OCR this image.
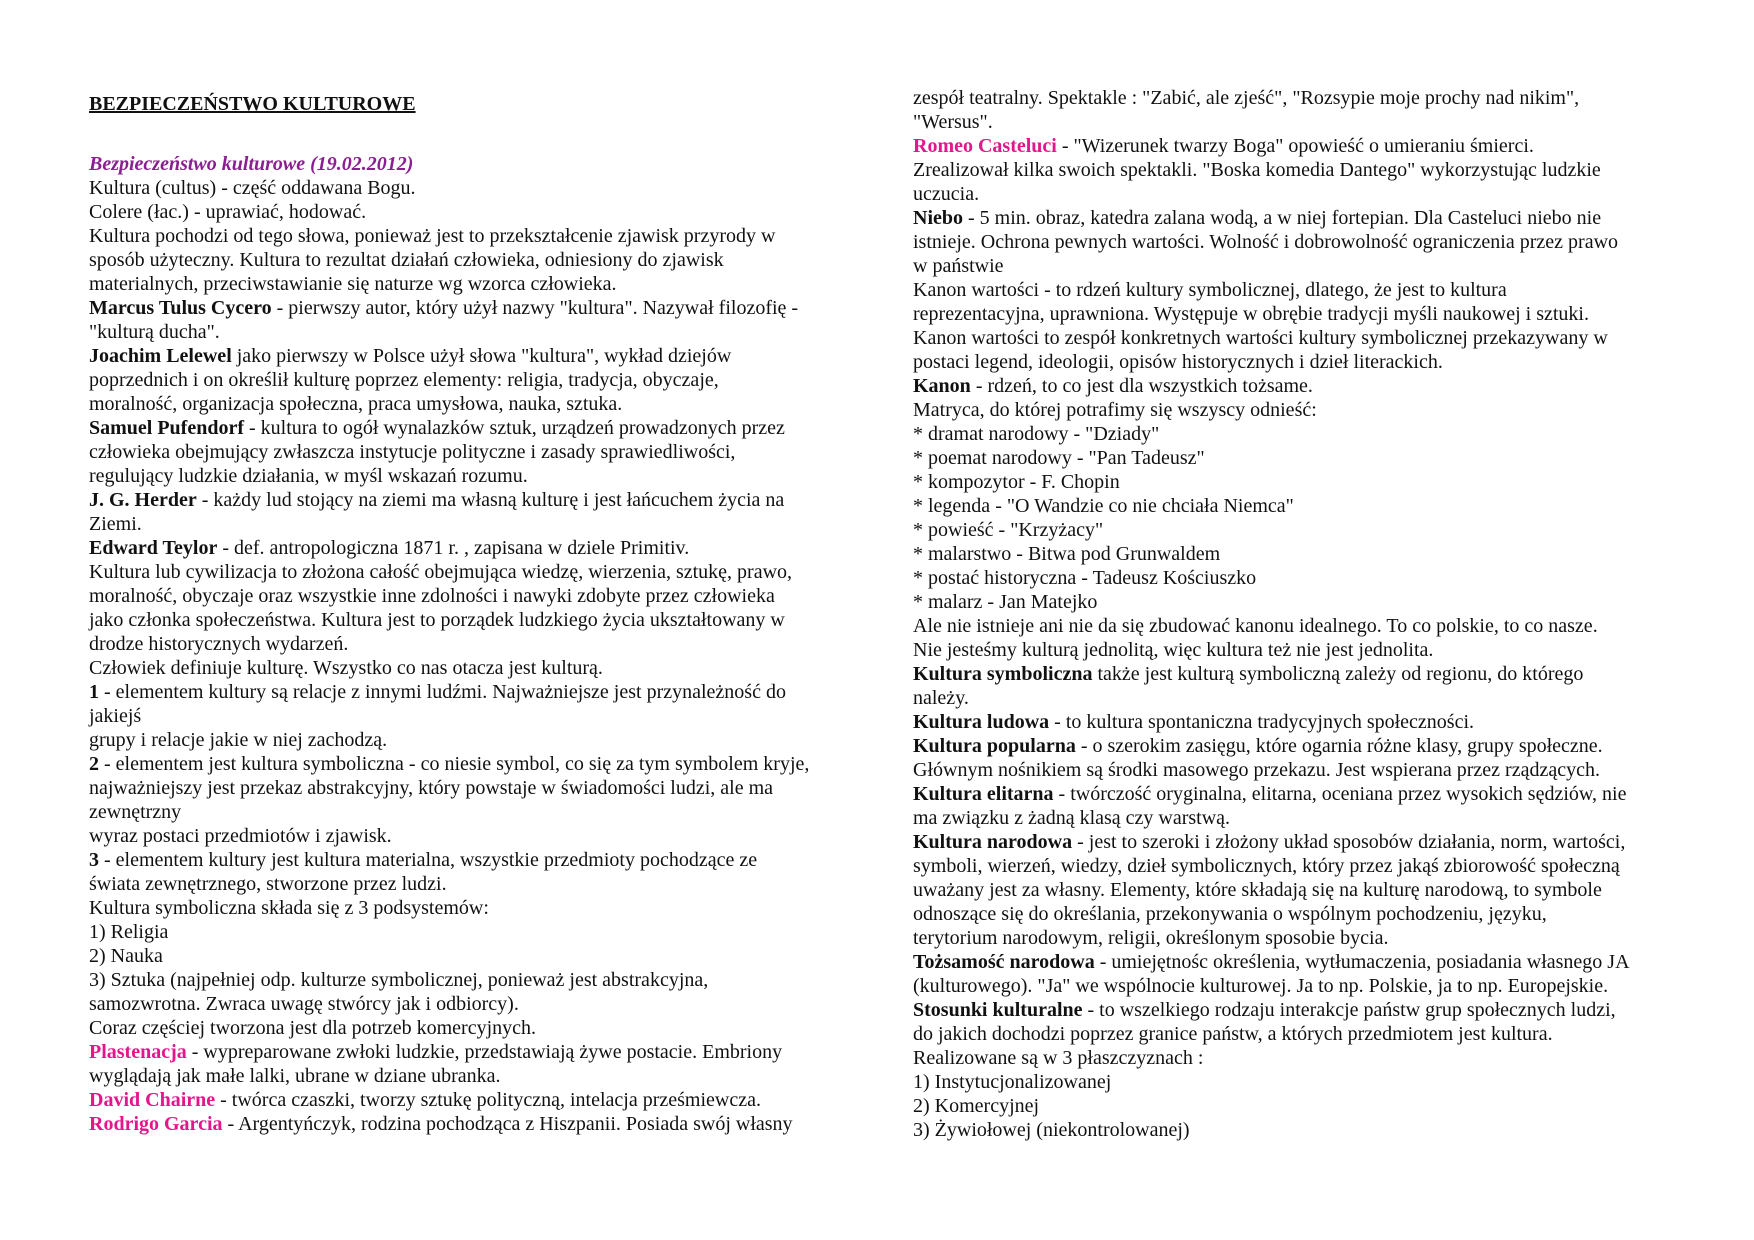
BEZPIECZEŃSTWO KULTUROWE
Bezpieczeństwo kulturowe (19.02.2012)
Kultura (cultus) - część oddawana Bogu.
Colere (łac.) - uprawiać, hodować.
Kultura pochodzi od tego słowa, ponieważ jest to przekształcenie zjawisk przyrody w
sposób użyteczny. Kultura to rezultat działań człowieka, odniesiony do zjawisk
materialnych, przeciwstawianie się naturze wg wzorca człowieka.
Marcus Tulus Cycero - pierwszy autor, który użył nazwy "kultura". Nazywał filozofię -
"kulturą ducha".
Joachim Lelewel jako pierwszy w Polsce użył słowa "kultura", wykład dziejów
poprzednich i on określił kulturę poprzez elementy: religia, tradycja, obyczaje,
moralność, organizacja społeczna, praca umysłowa, nauka, sztuka.
Samuel Pufendorf - kultura to ogół wynalazków sztuk, urządzeń prowadzonych przez
człowieka obejmujący zwłaszcza instytucje polityczne i zasady sprawiedliwości,
regulujący ludzkie działania, w myśl wskazań rozumu.
J. G. Herder - każdy lud stojący na ziemi ma własną kulturę i jest łańcuchem życia na
Ziemi.
Edward Teylor - def. antropologiczna 1871 r. , zapisana w dziele Primitiv.
Kultura lub cywilizacja to złożona całość obejmująca wiedzę, wierzenia, sztukę, prawo,
moralność, obyczaje oraz wszystkie inne zdolności i nawyki zdobyte przez człowieka
jako członka społeczeństwa. Kultura jest to porządek ludzkiego życia ukształtowany w
drodze historycznych wydarzeń.
Człowiek definiuje kulturę. Wszystko co nas otacza jest kulturą.
1 - elementem kultury są relacje z innymi ludźmi. Najważniejsze jest przynależność do
jakiejś
grupy i relacje jakie w niej zachodzą.
2 - elementem jest kultura symboliczna - co niesie symbol, co się za tym symbolem kryje,
najważniejszy jest przekaz abstrakcyjny, który powstaje w świadomości ludzi, ale ma
zewnętrzny
wyraz postaci przedmiotów i zjawisk.
3 - elementem kultury jest kultura materialna, wszystkie przedmioty pochodzące ze
świata zewnętrznego, stworzone przez ludzi.
Kultura symboliczna składa się z 3 podsystemów:
1) Religia
2) Nauka
3) Sztuka (najpełniej odp. kulturze symbolicznej, ponieważ jest abstrakcyjna,
samozwrotna. Zwraca uwagę stwórcy jak i odbiorcy).
Coraz częściej tworzona jest dla potrzeb komercyjnych.
Plastenacja - wypreparowane zwłoki ludzkie, przedstawiają żywe postacie. Embriony
wyglądają jak małe lalki, ubrane w dziane ubranka.
David Chairne - twórca czaszki, tworzy sztukę polityczną, intelacja prześmiewcza.
Rodrigo Garcia - Argentyńczyk, rodzina pochodząca z Hiszpanii. Posiada swój własny
zespół teatralny. Spektakle : "Zabić, ale zjeść", "Rozsypie moje prochy nad nikim",
"Wersus".
Romeo Casteluci - "Wizerunek twarzy Boga" opowieść o umieraniu śmierci.
Zrealizował kilka swoich spektakli. "Boska komedia Dantego" wykorzystując ludzkie
uczucia.
Niebo - 5 min. obraz, katedra zalana wodą, a w niej fortepian. Dla Casteluci niebo nie
istnieje. Ochrona pewnych wartości. Wolność i dobrowolność ograniczenia przez prawo
w państwie
Kanon wartości - to rdzeń kultury symbolicznej, dlatego, że jest to kultura
reprezentacyjna, uprawniona. Występuje w obrębie tradycji myśli naukowej i sztuki.
Kanon wartości to zespół konkretnych wartości kultury symbolicznej przekazywany w
postaci legend, ideologii, opisów historycznych i dzieł literackich.
Kanon - rdzeń, to co jest dla wszystkich tożsame.
Matryca, do której potrafimy się wszyscy odnieść:
* dramat narodowy - "Dziady"
* poemat narodowy - "Pan Tadeusz"
* kompozytor - F. Chopin
* legenda - "O Wandzie co nie chciała Niemca"
* powieść - "Krzyżacy"
* malarstwo - Bitwa pod Grunwaldem
* postać historyczna - Tadeusz Kościuszko
* malarz - Jan Matejko
Ale nie istnieje ani nie da się zbudować kanonu idealnego. To co polskie, to co nasze.
Nie jesteśmy kulturą jednolitą, więc kultura też nie jest jednolita.
Kultura symboliczna także jest kulturą symboliczną zależy od regionu, do którego
należy.
Kultura ludowa - to kultura spontaniczna tradycyjnych społeczności.
Kultura popularna - o szerokim zasięgu, które ogarnia różne klasy, grupy społeczne.
Głównym nośnikiem są środki masowego przekazu. Jest wspierana przez rządzących.
Kultura elitarna - twórczość oryginalna, elitarna, oceniana przez wysokich sędziów, nie
ma związku z żadną klasą czy warstwą.
Kultura narodowa - jest to szeroki i złożony układ sposobów działania, norm, wartości,
symboli, wierzeń, wiedzy, dzieł symbolicznych, który przez jakąś zbiorowość społeczną
uważany jest za własny. Elementy, które składają się na kulturę narodową, to symbole
odnoszące się do określania, przekonywania o wspólnym pochodzeniu, języku,
terytorium narodowym, religii, określonym sposobie bycia.
Tożsamość narodowa - umiejętnośc określenia, wytłumaczenia, posiadania własnego JA
(kulturowego). "Ja" we wspólnocie kulturowej. Ja to np. Polskie, ja to np. Europejskie.
Stosunki kulturalne - to wszelkiego rodzaju interakcje państw grup społecznych ludzi,
do jakich dochodzi poprzez granice państw, a których przedmiotem jest kultura.
Realizowane są w 3 płaszczyznach :
1) Instytucjonalizowanej
2) Komercyjnej
3) Żywiołowej (niekontrolowanej)
